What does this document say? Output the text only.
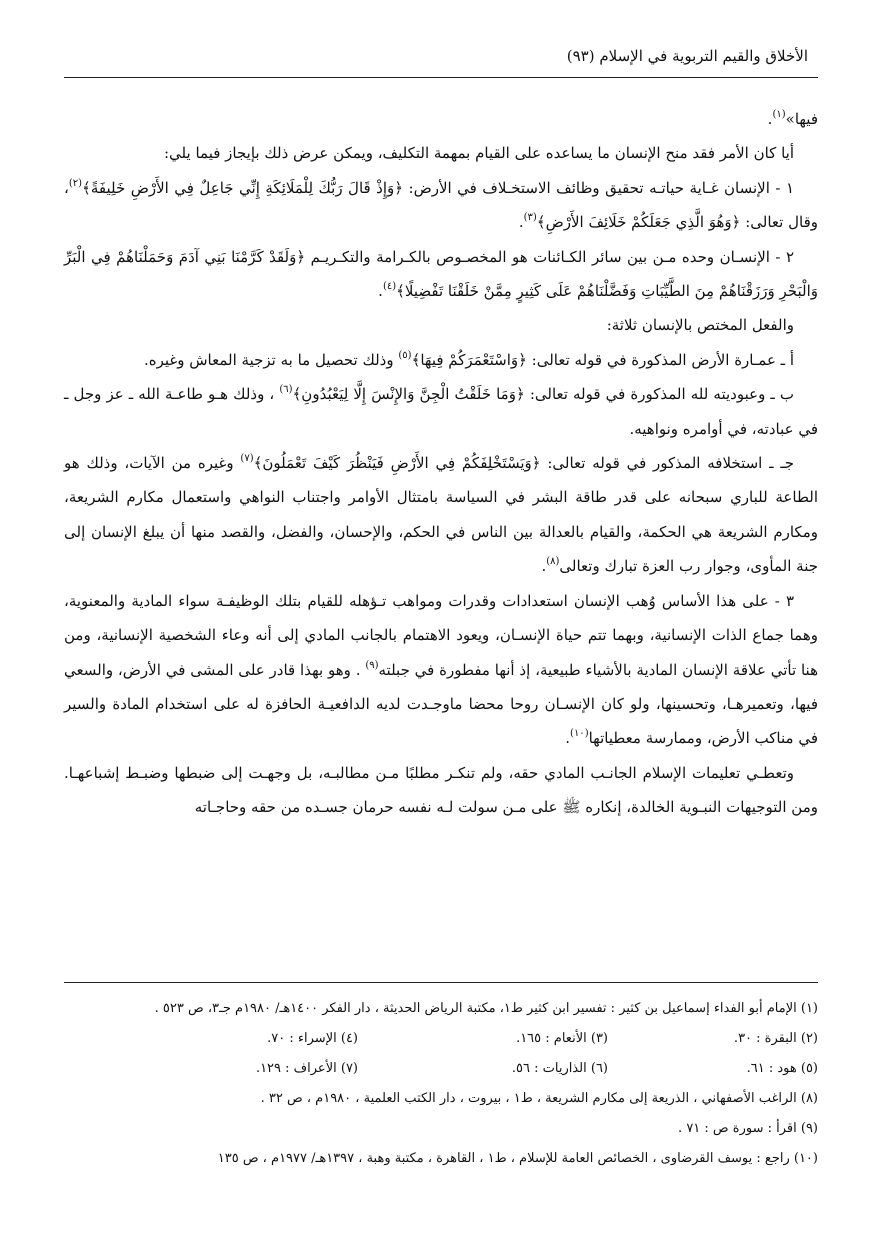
الأخلاق والقيم التربوية في الإسلام (٩٣)

فيها»$^{(١)}$.

أيا كان الأمر فقد منح الإنسان ما يساعده على القيام بمهمة التكليف، ويمكن عرض ذلك بإيجاز فيما يلي:

١ - الإنسان غـاية حياتـه تحقيق وظائف الاستخـلاف في الأرض: ﴿وَإِذْ قَالَ رَبُّكَ لِلْمَلَائِكَةِ إِنِّي جَاعِلٌ فِي الأَرْضِ خَلِيفَةً﴾$^{(٢)}$، وقال تعالى: ﴿وَهُوَ الَّذِي جَعَلَكُمْ خَلَائِفَ الأَرْضِ﴾$^{(٣)}$.

٢ - الإنسـان وحده مـن بين سائر الكـائنات هو المخصـوص بالكـرامة والتكـريـم ﴿وَلَقَدْ كَرَّمْنَا بَنِي آدَمَ وَحَمَلْنَاهُمْ فِي الْبَرِّ وَالْبَحْرِ وَرَزَقْنَاهُمْ مِنَ الطَّيِّبَاتِ وَفَضَّلْنَاهُمْ عَلَى كَثِيرٍ مِمَّنْ خَلَقْنَا تَفْضِيلًا﴾$^{(٤)}$.

والفعل المختص بالإنسان ثلاثة:

أ ـ عمـارة الأرض المذكورة في قوله تعالى: ﴿وَاسْتَعْمَرَكُمْ فِيهَا﴾$^{(٥)}$ وذلك تحصيل ما به تزجية المعاش وغيره.

ب ـ وعبوديته لله المذكورة في قوله تعالى: ﴿وَمَا خَلَقْتُ الْجِنَّ وَالإِنْسَ إِلَّا لِيَعْبُدُونِ﴾$^{(٦)}$ ، وذلك هـو طاعـة الله ـ عز وجل ـ في عبادته، في أوامره ونواهيه.

جـ ـ استخلافه المذكور في قوله تعالى: ﴿وَيَسْتَخْلِفَكُمْ فِي الأَرْضِ فَيَنْظُرَ كَيْفَ تَعْمَلُونَ﴾$^{(٧)}$ وغيره من الآيات، وذلك هو الطاعة للباري سبحانه على قدر طاقة البشر في السياسة بامتثال الأوامر واجتناب النواهي واستعمال مكارم الشريعة، ومكارم الشريعة هي الحكمة، والقيام بالعدالة بين الناس في الحكم، والإحسان، والفضل، والقصد منها أن يبلغ الإنسان إلى جنة المأوى، وجوار رب العزة تبارك وتعالى$^{(٨)}$.

٣ - على هذا الأساس وُهب الإنسان استعدادات وقدرات ومواهب تـؤهله للقيام بتلك الوظيفـة سواء المادية والمعنوية، وهما جماع الذات الإنسانية، وبهما تتم حياة الإنسـان، ويعود الاهتمام بالجانب المادي إلى أنه وعاء الشخصية الإنسانية، ومن هنا تأتي علاقة الإنسان المادية بالأشياء طبيعية، إذ أنها مفطورة في جبلته$^{(٩)}$ . وهو بهذا قادر على المشى في الأرض، والسعي فيها، وتعميرهـا، وتحسينها، ولو كان الإنسـان روحا محضا ماوجـدت لديه الدافعيـة الحافزة له على استخدام المادة والسير في مناكب الأرض، وممارسة معطياتها$^{(١٠)}$.

وتعطـي تعليمات الإسلام الجانـب المادي حقه، ولم تنكـر مطلبًا مـن مطالبـه، بل وجهـت إلى ضبطها وضبـط إشباعهـا. ومن التوجيهات النبـوية الخالدة، إنكاره ﷺ على مـن سولت لـه نفسه حرمان جسـده من حقه وحاجـاته

(١) الإمام أبو الفداء إسماعيل بن كثير : تفسير ابن كثير ط١، مكتبة الرياض الحديثة ، دار الفكر ١٤٠٠هـ/ ١٩٨٠م جـ٣، ص ٥٢٣ .
(٢) البقرة : ٣٠.
(٣) الأنعام : ١٦٥.
(٤) الإسراء : ٧٠.
(٥) هود : ٦١.
(٦) الذاريات : ٥٦.
(٧) الأعراف : ١٢٩.
(٨) الراغب الأصفهاني ، الذريعة إلى مكارم الشريعة ، ط١ ، بيروت ، دار الكتب العلمية ، ١٩٨٠م ، ص ٣٢ .
(٩) اقرأ : سورة ص : ٧١ .
(١٠) راجع : يوسف القرضاوى ، الخصائص العامة للإسلام ، ط١ ، القاهرة ، مكتبة وهبة ، ١٣٩٧هـ/ ١٩٧٧م ، ص ١٣٥
